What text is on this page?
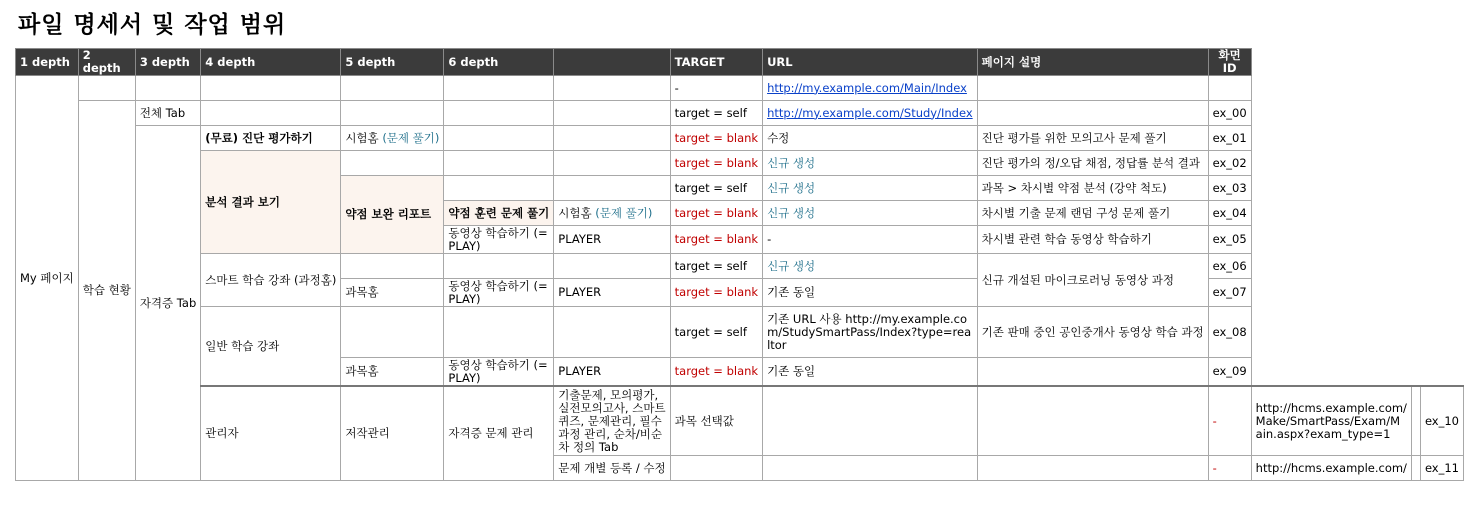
파일 명세서 및 작업 범위
1 depth	2 depth	3 depth	4 depth	5 depth	6 depth		TARGET	URL	페이지 설명	화면 ID			
My 페이지							-	http://my.example.com/Main/Index					
	학습 현황	전체 Tab					target = self	http://my.example.com/Study/Index		ex_00			
		자격증 Tab	(무료) 진단 평가하기	시험홈 (문제 풀기)			target = blank	수정	진단 평가를 위한 모의고사 문제 풀기	ex_01			
			분석 결과 보기				target = blank	신규 생성	진단 평가의 정/오답 채점, 정답률 분석 결과	ex_02			
				약점 보완 리포트			target = self	신규 생성	과목 > 차시별 약점 분석 (강약 척도)	ex_03			
					약점 훈련 문제 풀기	시험홈 (문제 풀기)	target = blank	신규 생성	차시별 기출 문제 랜덤 구성 문제 풀기	ex_04			
					동영상 학습하기 (=PLAY)	PLAYER	target = blank	-	차시별 관련 학습 동영상 학습하기	ex_05			
			스마트 학습 강좌 (과정홈)				target = self	신규 생성	신규 개설된 마이크로러닝 동영상 과정	ex_06			
				과목홈	동영상 학습하기 (=PLAY)	PLAYER	target = blank	기존 동일		ex_07			
			일반 학습 강좌				target = self	기존 URL 사용 http://my.example.com/StudySmartPass/Index?type=realtor	기존 판매 중인 공인중개사 동영상 학습 과정	ex_08			
				과목홈	동영상 학습하기 (=PLAY)	PLAYER	target = blank	기존 동일		ex_09			
			관리자	저작관리	자격증 문제 관리	기출문제, 모의평가, 실전모의고사, 스마트퀴즈, 문제관리, 필수 과정 관리, 순차/비순차 정의 Tab	과목 선택값			-	http://hcms.example.com/Make/SmartPass/Exam/Main.aspx?exam_type=1		ex_10
						문제 개별 등록 / 수정				-	http://hcms.example.com/		ex_11
